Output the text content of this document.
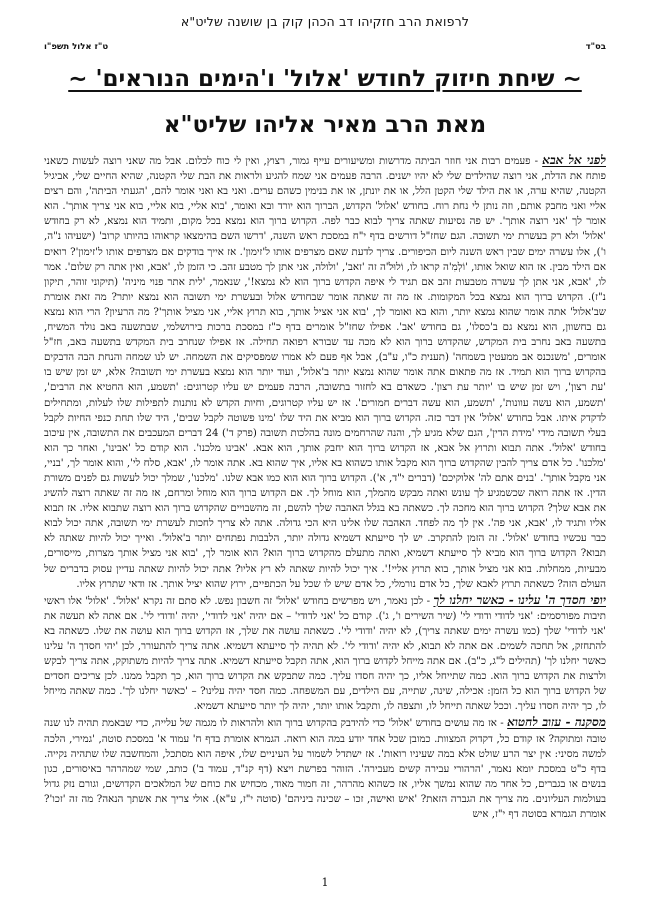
לרפואת הרב חזקיהו דב הכהן קוק בן שושנה שליט"א
בס"ד
ט"ז אלול תשפ"ו
~ שיחת חיזוק לחודש 'אלול' ו'הימים הנוראים' ~
מאת הרב מאיר אליהו שליט"א

לפני אל אבא - פעמים רבות אני חוזר הביתה מדרשות ומשיעורים עייף גמור, רצוץ, ואין לי כוח לכלום. אבל מה שאני רוצה לעשות כשאני פותח את הדלת, אני רוצה שהילדים שלי לא יהיו ישנים. הרבה פעמים אני שמח להגיע ולראות את הבת שלי הקטנה, שהיא החיים שלי, אביגיל הקטנה, שהיא ערה, או את הילד שלי הקטן הלל, או את יונתן, או את בנימין כשהם ערים. ואני בא ואני אומר להם, 'הגעתי הביתה', והם רצים אליי ואני מחבק אותם, וזה נותן לי נחת רוח. בחודש 'אלול' הקדוש, הברוך הוא יורד ובא ואומר, 'בוא אליי, בוא אליי, בוא אני צריך אותך'. הוא אומר לך 'אני רוצה אותך'. יש פה נסיעות שאתה צריך לבוא כבר לפה. הקדוש ברוך הוא נמצא בכל מקום, ותמיד הוא נמצא, לא רק בחודש 'אלול' ולא רק בעשרת ימי תשובה. הגם שחז"ל דורשים בדף י"ח במסכת ראש השנה, 'דרשו השם בהימצאו קראוהו בהיותו קרוב' (ישעיהו נ"ה, ו'), אלו עשרה ימים שבין ראש השנה ליום הכיפורים. צריך לדעת שאם מצרפים אותו ל'זימון'. אז אייך בודקים אם מצרפים אותו ל'זימון'? רואים אם הילד מבין. אז הוא שואל אותו, 'וֹלְמִ'ה קראו לו, וֹלוּלֹ'ה זה 'זאב', 'ולולה, אני אתן לך מטבע זהב. כי הזמן לו, 'אבא, ואין אתה רק שלום'. אמר לו, 'אבא, אני אתן לך עשרה מטבעות זהב אם תגיד לי איפה הקדוש ברוך הוא לא נמצא!', שנאמר, 'לית אתר פנוי מיניה' (תיקוני זוהר, תיקון נ"ז). הקדוש ברוך הוא נמצא בכל המקומות. אז מה זה שאתה אומר שבחודש אלול ובעשרת ימי תשובה הוא נמצא יותר? מה זאת אומרת שב'אלול' אתה אומר שהוא נמצא יותר, והוא בא ואומר לך, 'בוא אני אציל אותך, בוא תרוץ אליי, אני מציל אותך'? מה הרעיון? הרי הוא נמצא גם בחשוון, הוא נמצא גם ב'כסלו', גם בחודש 'אב'. אפילו שחז"ל אומרים בדף כ"ז במסכת ברכות בירושלמי, שבתשעה באב נולד המשיח, בתשעה באב נחרב בית המקדש, שהקדוש ברוך הוא לא מכה עד שבורא רפואה תחילה. אז אפילו שנחרב בית המקדש בתשעה באב, חז"ל אומרים, 'משנכנס אב ממעטין בשמחה' (תענית כ"ו, ע"ב), אבל אף פעם לא אמרו שמפסיקים את השמחה. יש לנו שמחה והנחת הבה הדבקים בהקדוש ברוך הוא תמיד. אז מה פתאום אתה אומר שהוא נמצא יותר ב'אלול', ועוד יותר הוא נמצא בעשרת ימי תשובה? אלא, יש זמן שיש בו 'עת רצון', ויש זמן שיש בו 'יותר עת רצון'. כשאדם בא לחזור בתשובה, הרבה פעמים יש עליו קטרוגים: 'תשמע, הוא החטיא את הרבים', 'תשמע, הוא עשה עוונות', 'תשמע, הוא עשה דברים חמורים'. אז יש עליו קטרוגים, וחיות הקדש לא נותנות לתפילות שלו לעלות, ומתחילים לדקדק איתו. אבל בחודש 'אלול' אין דבר כזה. הקדוש ברוך הוא מביא את היד שלו 'מינו פשוטה לקבל שבים', היד שלו תחת כנפי החיות לקבל בעלי תשובה מידי 'מידת הדין', הגם שלא מגיע לך, והנה שהרחמים מונה בהלכות תשובה (פרק ד') 24 דברים המעכבים את התשובה, אין עיכוב בחודש 'אלול'. אתה תבוא ותרוץ אל אבא, אז הקדוש ברוך הוא יחבק אותך, הוא אבא. 'אבינו מלכנו'. הוא קודם כל 'אבינו', ואחר כך הוא 'מלכנו'. כל אדם צריך להבין שהקדוש ברוך הוא מקבל אותו כשהוא בא אליו, איך שהוא בא. אתה אומר לו, 'אבא, סלח לי', והוא אומר לך, 'בניי, אני מקבל אותך'. 'בנים אתם לה' אלוקיכם' (דברים י"ד, א'). הקדוש ברוך הוא הוא כמו אבא שלנו. 'מלכנו', שמלך יכול לעשות גם לפנים משורת הדין. אז אתה רואה שכשמגיע לך עונש ואתה מבקש מהמלך, הוא מוחל לך. אם הקדוש ברוך הוא מוחל ומרחם, אז מה זה שאתה רוצה להשיג את אבא שלך? הקדוש ברוך הוא מחכה לך. כשאתה בא בגלל האהבה שלך להשם, זה מהשבויים שהקדוש ברוך הוא רוצה שתבוא אליו. אז תבוא אליו ותגיד לו, 'אבא, אני פה'. אין לך מה לפחד. האהבה שלו אלינו היא הכי גדולה. אתה לא צריך לחכות לעשרת ימי תשובה, אתה יכול לבוא כבר עכשיו בחודש 'אלול'. זה הזמן להתקרב. יש לך סייעתא דשמיא גדולה יותר, הלבבות נפתחים יותר ב'אלול'. ואייך יכול להיות שאתה לא תבוא? הקדוש ברוך הוא מביא לך סייעתא דשמיא, ואתה מתעלם מהקדוש ברוך הוא? הוא אומר לך, 'בוא אני מציל אותך מצרות, מייסורים, מבעיות, ממחלות. בוא אני מציל אותך, בוא תרוץ אליי!'. איך יכול להיות שאתה לא רץ אליו? אתה יכול להיות שאתה עדיין עסוק בדברים של העולם הזה? כשאתה תרוץ לאבא שלך, כל אדם נורמלי, כל אדם שיש לו שכל על הכתפיים, ירוץ שהוא יציל אותך. אז ודאי שתרוץ אליו.

יופי חסדך ה' עלינו - כאשר יחלנו לך - לכן נאמר, ויש מפרשים בחודש 'אלול' זה חשבון נפש. לא סתם זה נקרא 'אלול'. 'אלול' אלו ראשי תיבות מפורסמים: 'אני לדודי ודודי לי' (שיר השירים ו', ג'). קודם כל 'אני לדודי' – אם יהיה 'אני לדודי', יהיה 'ודודי לי'. אם אתה לא תעשה את 'אני לדודי' שלך (כמו עשרה ימים שאתה צריך), לא יהיה 'ודודי לי'. כשאתה עושה את שלך, אז הקדוש ברוך הוא עושה את שלו. כשאתה בא להתחזק, אל תחכה לשמים. אם אתה לא תבוא, לא יהיה 'ודודי לי'. לא תהיה לך סייעתא דשמיא. אתה צריך להתעורר, לכן 'יהי חסדך ה' עלינו כאשר יחלנו לך' (תהילים ל"ג, כ"ב). אם אתה מייחל לקדוש ברוך הוא, אתה תקבל סייעתא דשמיא. אתה צריך להיות משתוקק, אתה צריך לבקש ולרצות את הקדוש ברוך הוא. כמה שתייחל אליו, כך יהיה חסדו עליך. כמה שתבקש את הקדוש ברוך הוא, כך תקבל ממנו. לכן צריכים חסדים של הקדוש ברוך הוא כל הזמן: אכילה, שינה, שתייה, עם הילדים, עם המשפחה. כמה חסד יהיה עלינו? – 'כאשר יחלנו לך'. כמה שאתה מייחל לו, כך יהיה חסדו עליך. וככל שאתה תייחל לו, ותצפה לו, ותקבל אותו יותר, יהיה לך יותר סייעתא דשמיא.

מסקנה - עזוב לחטוא - אז מה עושים בחודש 'אלול' כדי להידבק בהקדוש ברוך הוא ולהראות לו מגמה של עלייה, כדי שבאמת תהיה לנו שנה טובה ומתוקה? אז קודם כל, דקדוק המצוות. כמובן שכל אחד יודע במה הוא רואה. הגמרא אומרת בדף ח' עמוד א' במסכת סוטה, 'גמירי, הלכה למשה מסיני: אין יצר הרע שולט אלא במה שעיניו רואות'. אז ישתדל לשמור על העיניים שלו, איפה הוא מסתכל, והמחשבה שלו שתהיה נקייה. בדף כ"ט במסכת יומא נאמר, 'הרהורי עבירה קשים מעבירה'. הזוהר בפרשת ויצא (דף קנ"ד, עמוד ב') כותב, שמי שמהרהר באיסורים, כגון בנשים או בגברים, כל אחד מה שהוא נמשך אליו, אז כשהוא מהרהר, זה חמור מאוד, מכחיש את כוחם של המלאכים הקדושים, וגורם נזק גדול בעולמות העליונים. מה צריך את הגברה הזאת? 'איש ואישה, זכו – שכינה ביניהם' (סוטה י"ז, ע"א). אולי צריך את אשתך הנאה? מה זה 'זכו'? אומרת הגמרא בסוטה דף י"ז, איש

1
